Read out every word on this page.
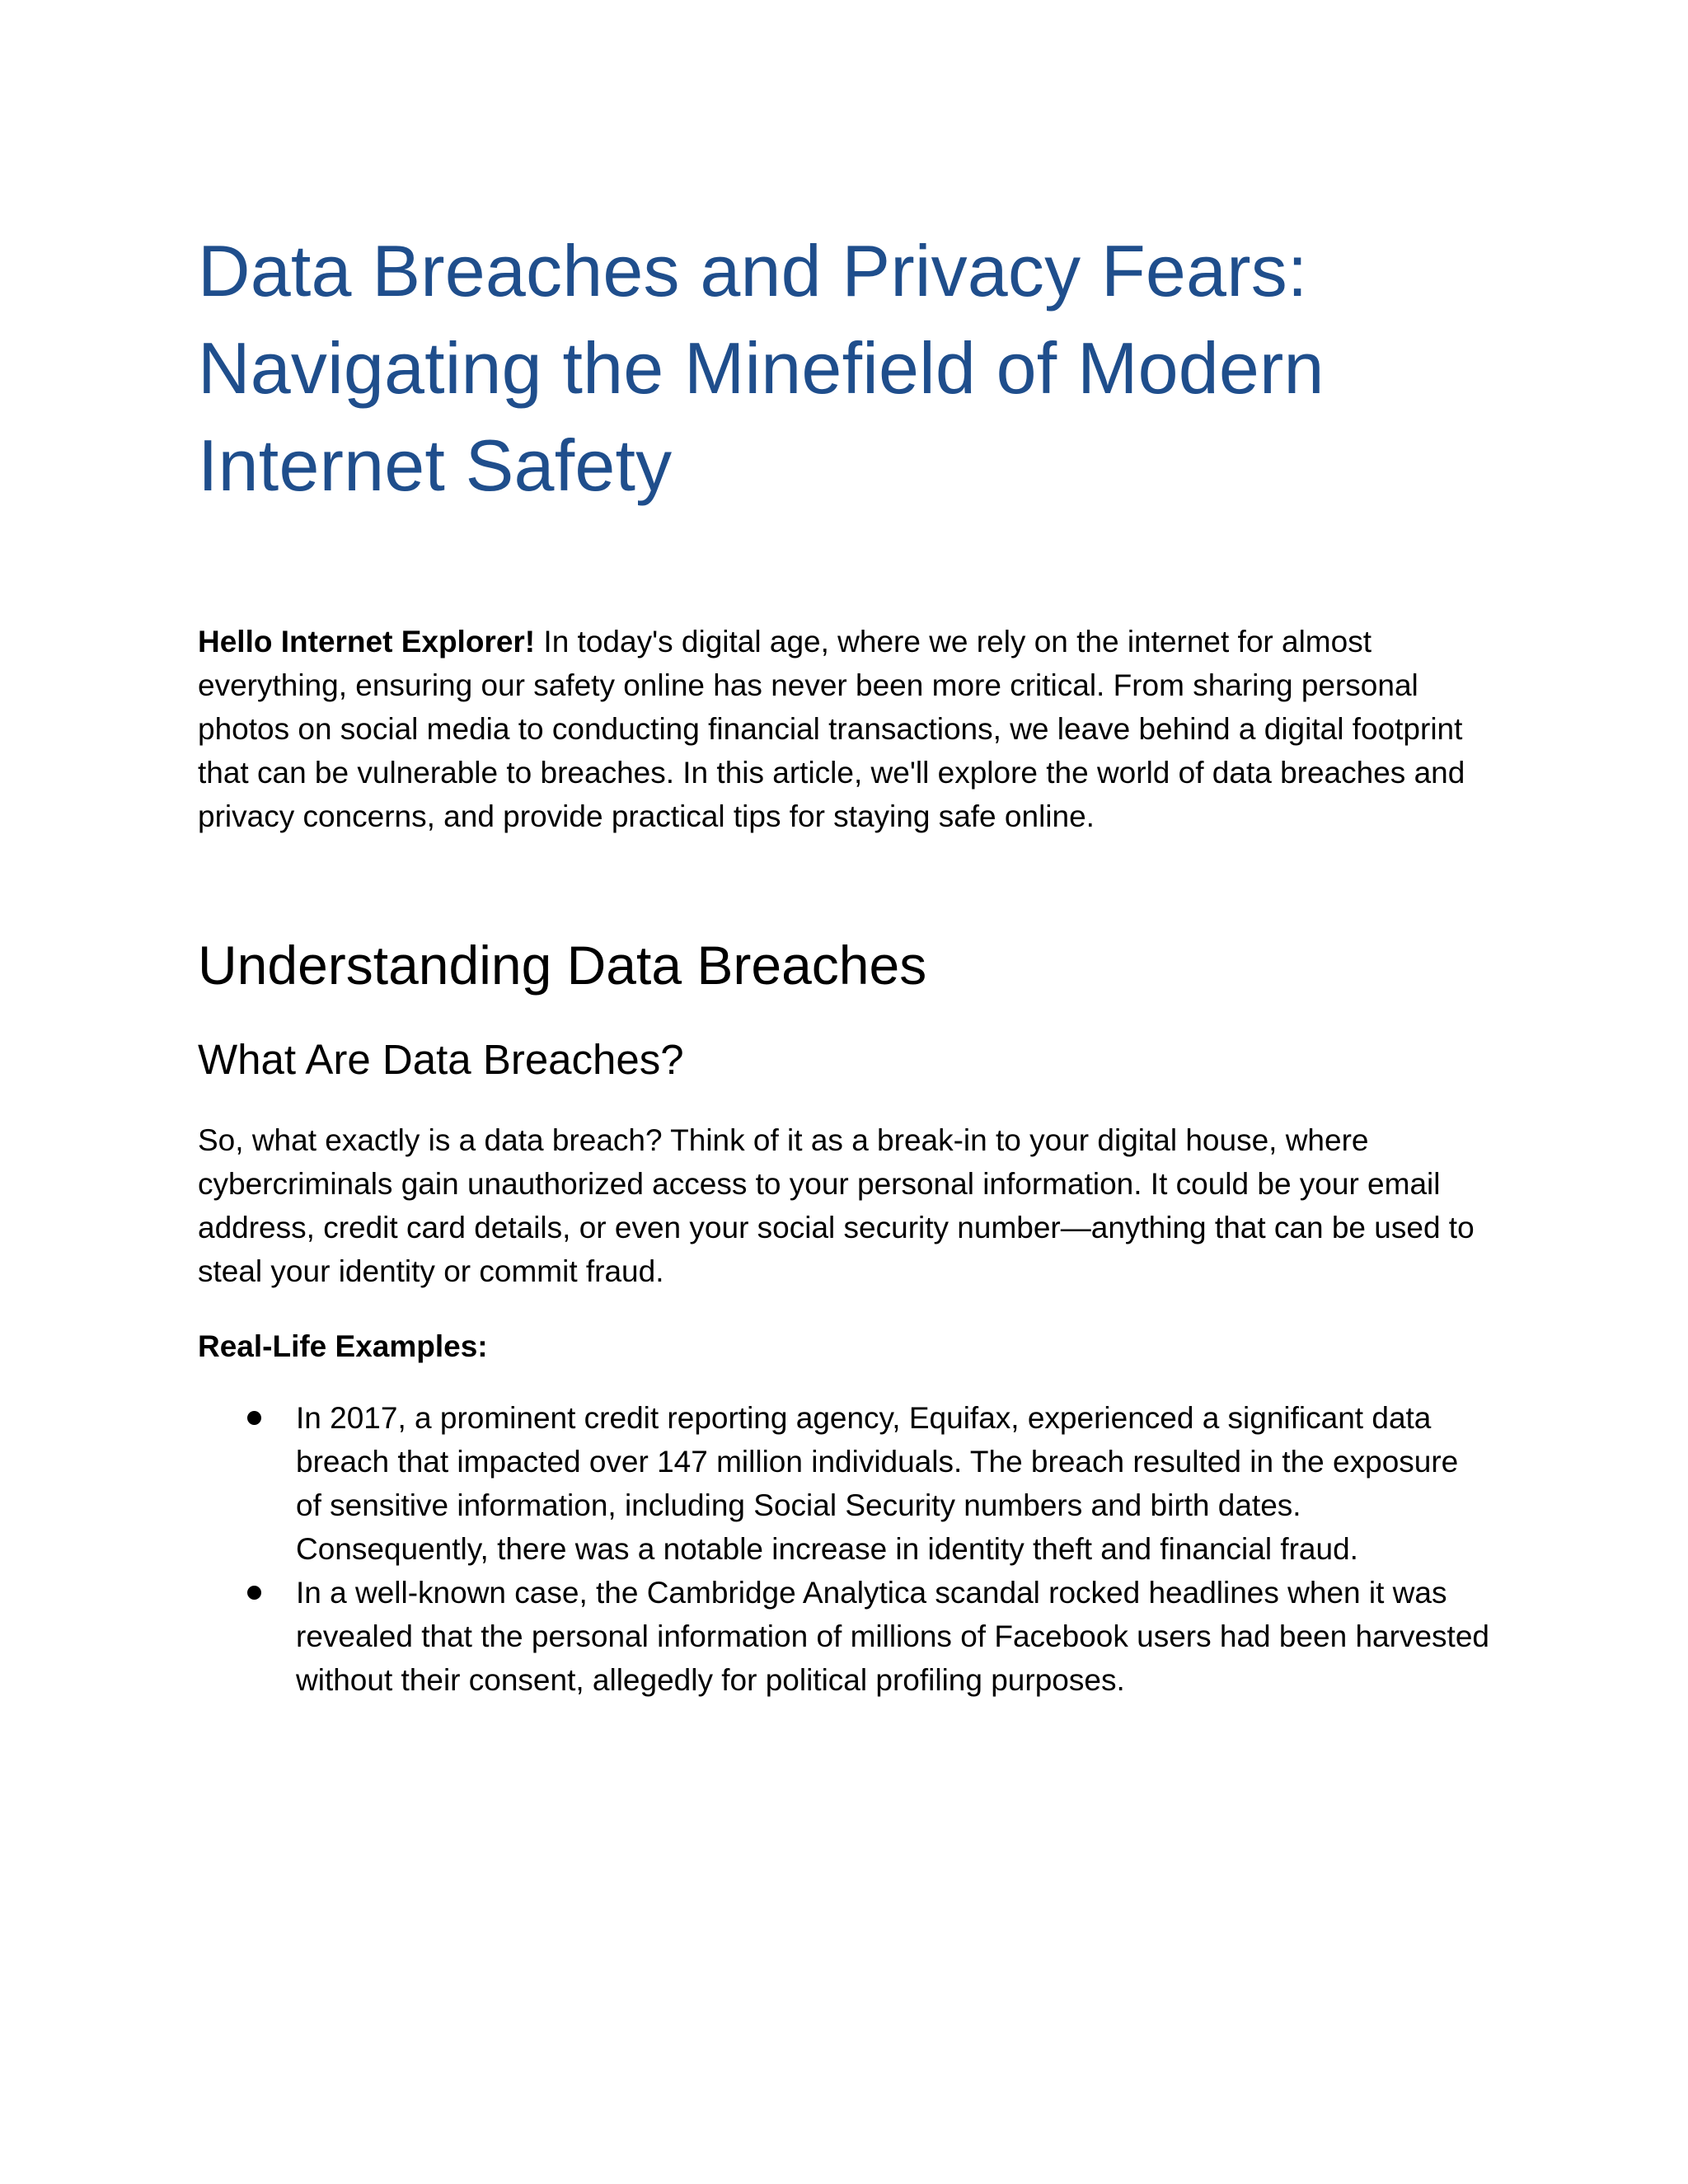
Data Breaches and Privacy Fears: Navigating the Minefield of Modern Internet Safety

Hello Internet Explorer! In today's digital age, where we rely on the internet for almost everything, ensuring our safety online has never been more critical. From sharing personal photos on social media to conducting financial transactions, we leave behind a digital footprint that can be vulnerable to breaches. In this article, we'll explore the world of data breaches and privacy concerns, and provide practical tips for staying safe online.

Understanding Data Breaches
What Are Data Breaches?

So, what exactly is a data breach? Think of it as a break-in to your digital house, where cybercriminals gain unauthorized access to your personal information. It could be your email address, credit card details, or even your social security number—anything that can be used to steal your identity or commit fraud.

Real-Life Examples:

In 2017, a prominent credit reporting agency, Equifax, experienced a significant data breach that impacted over 147 million individuals. The breach resulted in the exposure of sensitive information, including Social Security numbers and birth dates. Consequently, there was a notable increase in identity theft and financial fraud.
In a well-known case, the Cambridge Analytica scandal rocked headlines when it was revealed that the personal information of millions of Facebook users had been harvested without their consent, allegedly for political profiling purposes.
